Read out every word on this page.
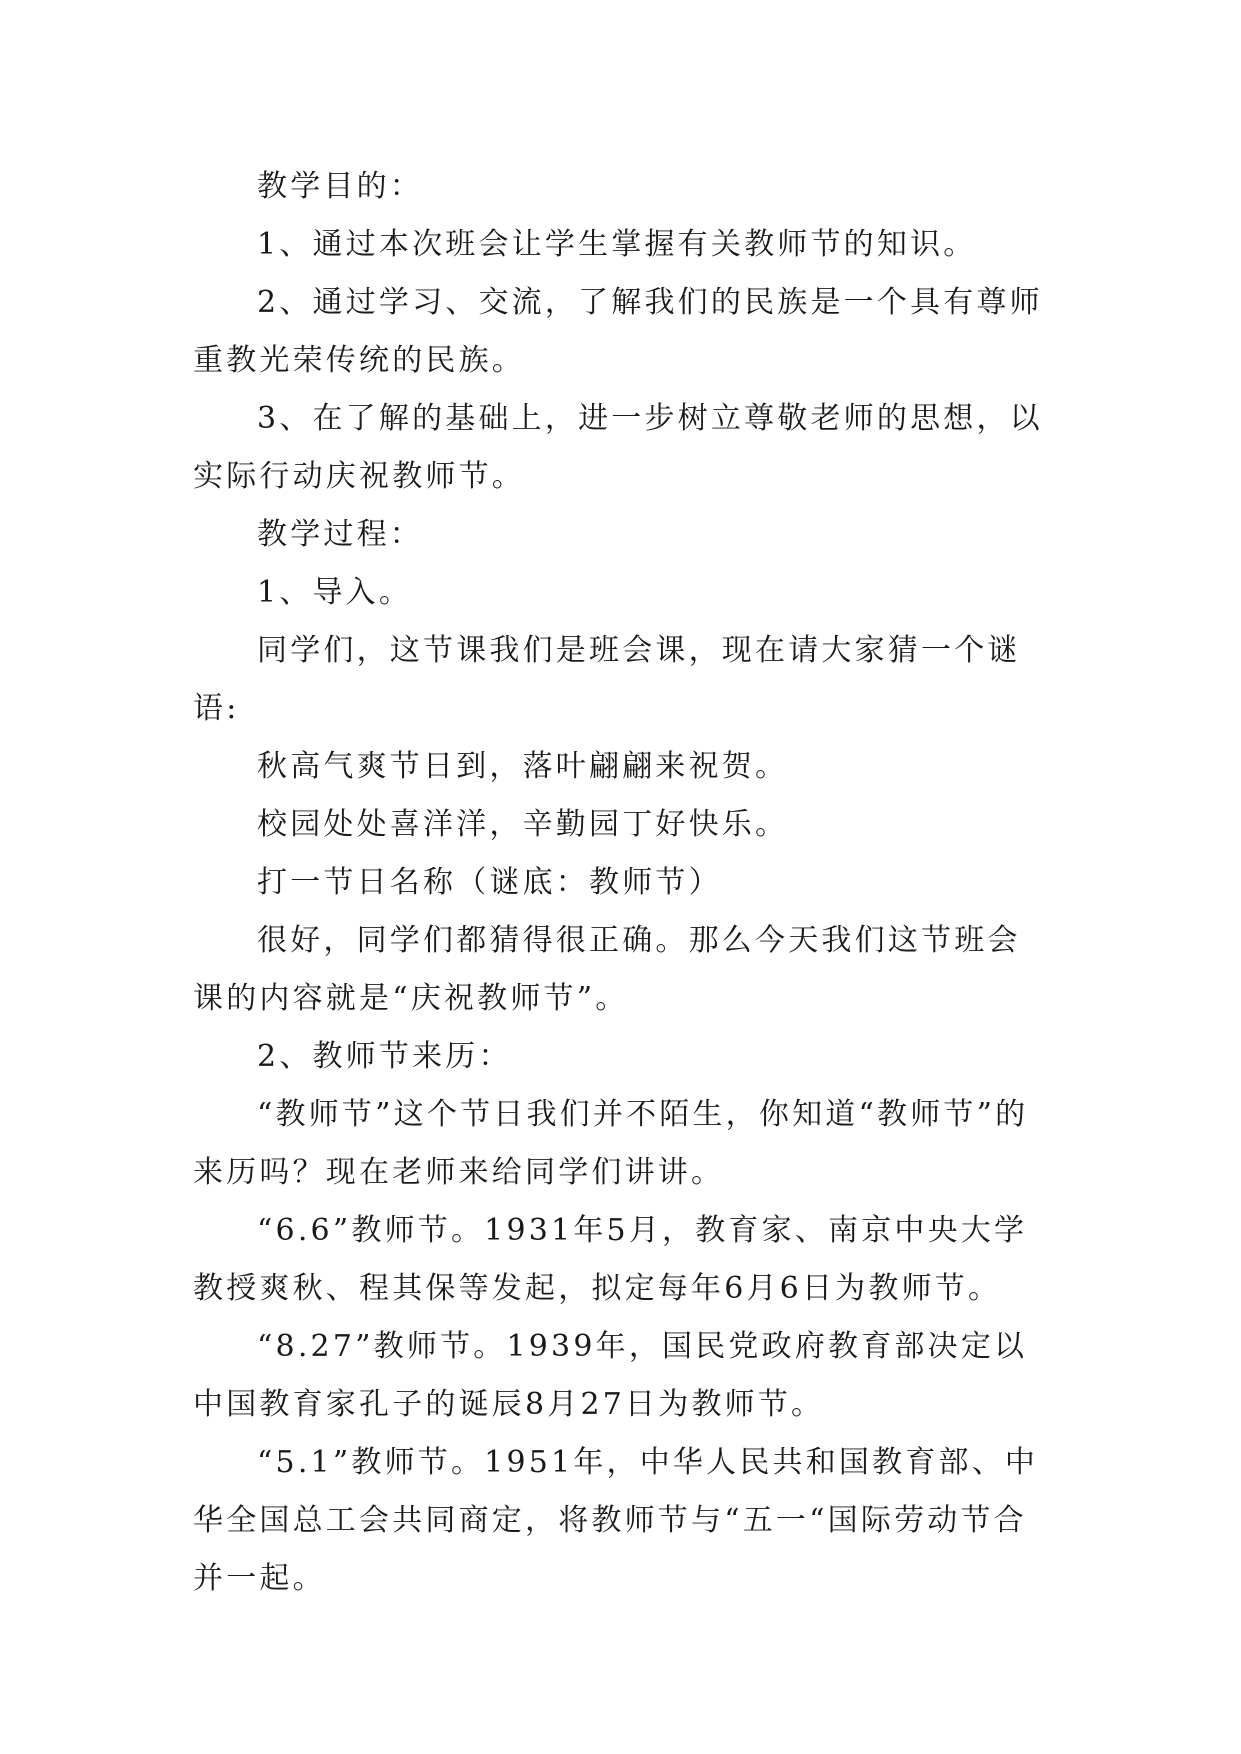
教学目的：

1、通过本次班会让学生掌握有关教师节的知识。

2、通过学习、交流，了解我们的民族是一个具有尊师重教光荣传统的民族。

3、在了解的基础上，进一步树立尊敬老师的思想，以实际行动庆祝教师节。

教学过程：

1、导入。

同学们，这节课我们是班会课，现在请大家猜一个谜语:

秋高气爽节日到，落叶翩翩来祝贺。

校园处处喜洋洋，辛勤园丁好快乐。

打一节日名称（谜底：教师节）

很好，同学们都猜得很正确。那么今天我们这节班会课的内容就是“庆祝教师节”。

2、教师节来历：

“教师节”这个节日我们并不陌生，你知道“教师节”的来历吗？现在老师来给同学们讲讲。

“6.6”教师节。1931年5月，教育家、南京中央大学教授爽秋、程其保等发起，拟定每年6月6日为教师节。

“8.27”教师节。1939年，国民党政府教育部决定以中国教育家孔子的诞辰8月27日为教师节。

“5.1”教师节。1951年，中华人民共和国教育部、中华全国总工会共同商定，将教师节与“五一“国际劳动节合并一起。
